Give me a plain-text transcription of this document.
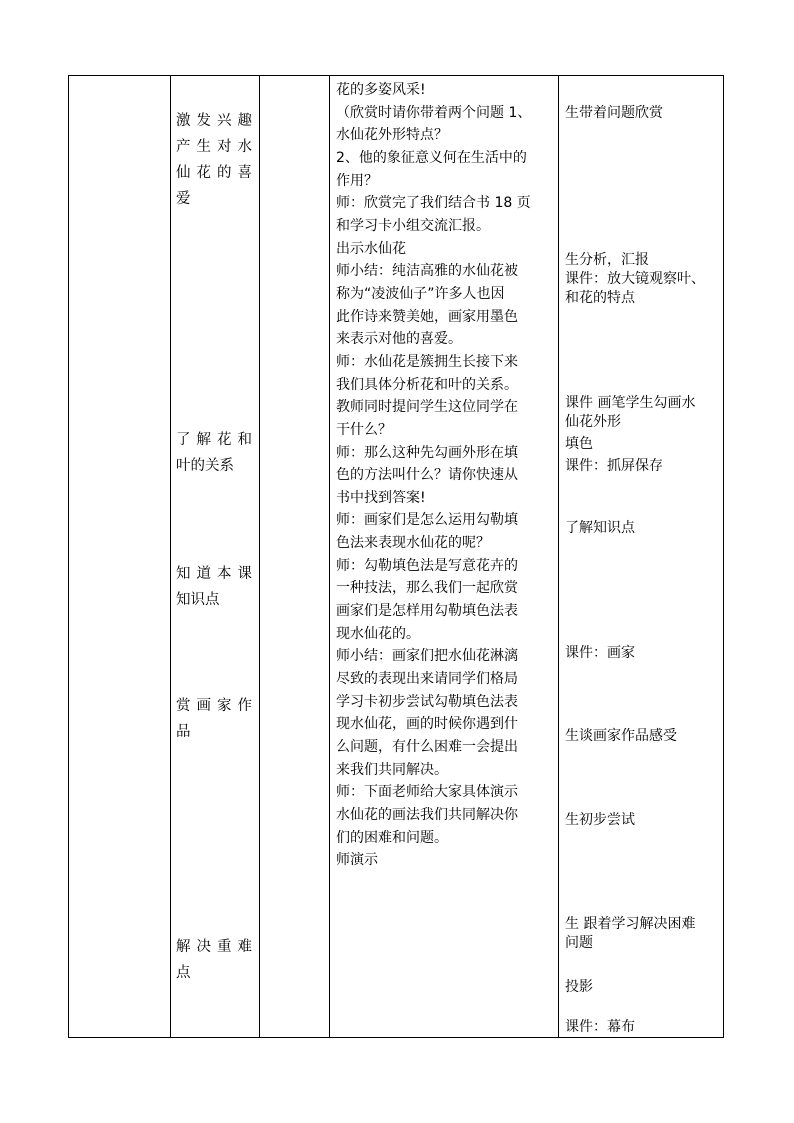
激发兴趣
产生对水
仙花的喜
爱
了解花和
叶的关系
知道本课
知识点
赏画家作
品
解决重难
点
花的多姿风采!
（欣赏时请你带着两个问题 1、
水仙花外形特点？
2、他的象征意义何在生活中的
作用？
师：欣赏完了我们结合书 18 页
和学习卡小组交流汇报。
出示水仙花
师小结：纯洁高雅的水仙花被
称为“凌波仙子”许多人也因
此作诗来赞美她，画家用墨色
来表示对他的喜爱。
师：水仙花是簇拥生长接下来
我们具体分析花和叶的关系。
教师同时提问学生这位同学在
干什么？
师：那么这种先勾画外形在填
色的方法叫什么？请你快速从
书中找到答案!
师：画家们是怎么运用勾勒填
色法来表现水仙花的呢？
师：勾勒填色法是写意花卉的
一种技法，那么我们一起欣赏
画家们是怎样用勾勒填色法表
现水仙花的。
师小结：画家们把水仙花淋漓
尽致的表现出来请同学们格局
学习卡初步尝试勾勒填色法表
现水仙花，画的时候你遇到什
么问题，有什么困难一会提出
来我们共同解决。
师：下面老师给大家具体演示
水仙花的画法我们共同解决你
们的困难和问题。
师演示
生带着问题欣赏
生分析，汇报
课件：放大镜观察叶、
和花的特点
课件 画笔学生勾画水
仙花外形
填色
课件：抓屏保存
了解知识点
课件：画家
生谈画家作品感受
生初步尝试
生 跟着学习解决困难
问题
投影
课件：幕布
